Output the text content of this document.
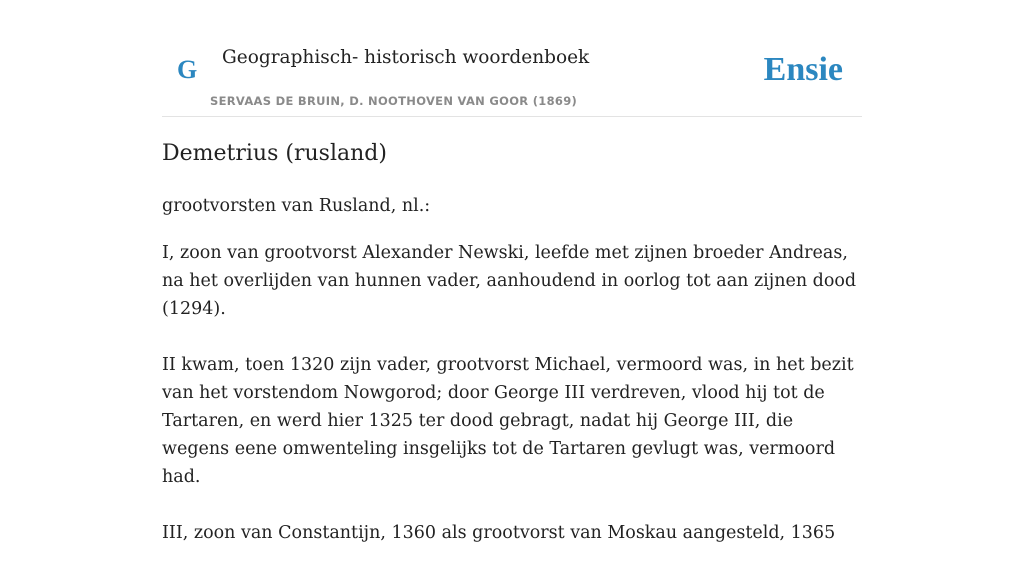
G Geographisch- historisch woordenboek
SERVAAS DE BRUIN, D. NOOTHOVEN VAN GOOR (1869)
Ensie
Demetrius (rusland)

grootvorsten van Rusland, nl.:

I, zoon van grootvorst Alexander Newski, leefde met zijnen broeder Andreas, na het overlijden van hunnen vader, aanhoudend in oorlog tot aan zijnen dood (1294).

II kwam, toen 1320 zijn vader, grootvorst Michael, vermoord was, in het bezit van het vorstendom Nowgorod; door George III verdreven, vlood hij tot de Tartaren, en werd hier 1325 ter dood gebragt, nadat hij George III, die wegens eene omwenteling insgelijks tot de Tartaren gevlugt was, vermoord had.

III, zoon van Constantijn, 1360 als grootvorst van Moskau aangesteld, 1365
